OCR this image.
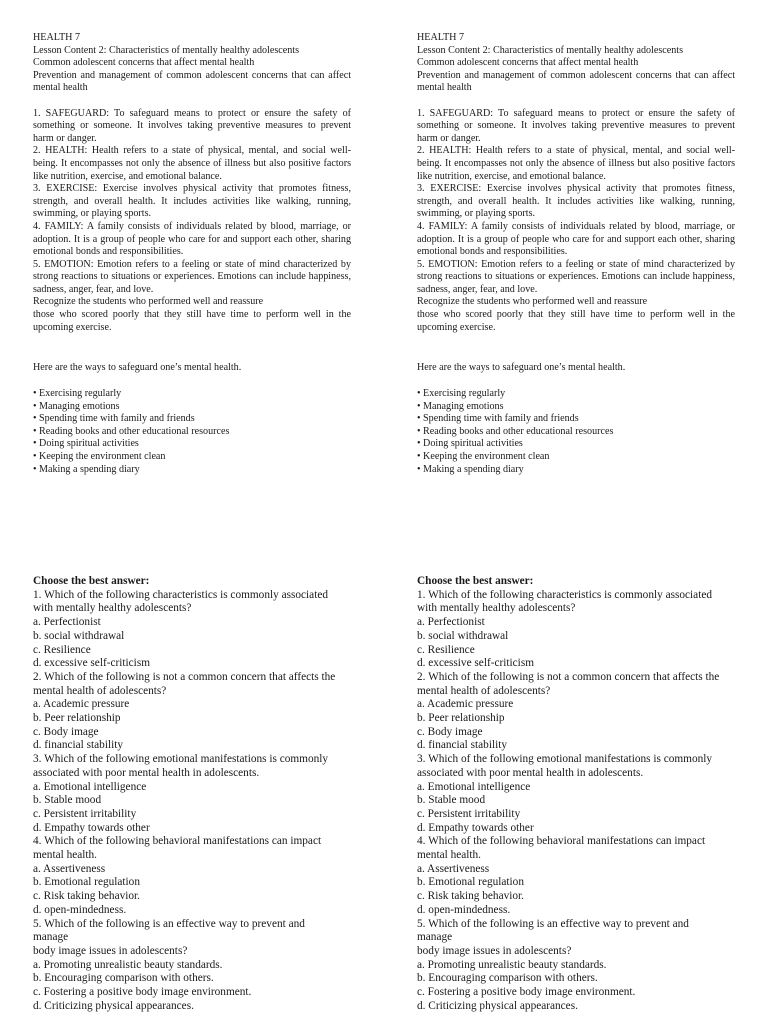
HEALTH 7
Lesson Content 2: Characteristics of mentally healthy adolescents
Common adolescent concerns that affect mental health
Prevention and management of common adolescent concerns that can affect mental health
1. SAFEGUARD: To safeguard means to protect or ensure the safety of something or someone. It involves taking preventive measures to prevent harm or danger.
2. HEALTH: Health refers to a state of physical, mental, and social well-being. It encompasses not only the absence of illness but also positive factors like nutrition, exercise, and emotional balance.
3. EXERCISE: Exercise involves physical activity that promotes fitness, strength, and overall health. It includes activities like walking, running, swimming, or playing sports.
4. FAMILY: A family consists of individuals related by blood, marriage, or adoption. It is a group of people who care for and support each other, sharing emotional bonds and responsibilities.
5. EMOTION: Emotion refers to a feeling or state of mind characterized by strong reactions to situations or experiences. Emotions can include happiness, sadness, anger, fear, and love.
Recognize the students who performed well and reassure
those who scored poorly that they still have time to perform well in the upcoming exercise.
Here are the ways to safeguard one’s mental health.
• Exercising regularly
• Managing emotions
• Spending time with family and friends
• Reading books and other educational resources
• Doing spiritual activities
• Keeping the environment clean
• Making a spending diary
Choose the best answer:
1. Which of the following characteristics is commonly associated
with mentally healthy adolescents?
a. Perfectionist
b. social withdrawal
c. Resilience
d. excessive self-criticism
2. Which of the following is not a common concern that affects the
mental health of adolescents?
a. Academic pressure
b. Peer relationship
c. Body image
d. financial stability
3. Which of the following emotional manifestations is commonly
associated with poor mental health in adolescents.
a. Emotional intelligence
b. Stable mood
c. Persistent irritability
d. Empathy towards other
4. Which of the following behavioral manifestations can impact
mental health.
a. Assertiveness
b. Emotional regulation
c. Risk taking behavior.
d. open-mindedness.
5. Which of the following is an effective way to prevent and
manage
body image issues in adolescents?
a. Promoting unrealistic beauty standards.
b. Encouraging comparison with others.
c. Fostering a positive body image environment.
d. Criticizing physical appearances.
HEALTH 7
Lesson Content 2: Characteristics of mentally healthy adolescents
Common adolescent concerns that affect mental health
Prevention and management of common adolescent concerns that can affect mental health
1. SAFEGUARD: To safeguard means to protect or ensure the safety of something or someone. It involves taking preventive measures to prevent harm or danger.
2. HEALTH: Health refers to a state of physical, mental, and social well-being. It encompasses not only the absence of illness but also positive factors like nutrition, exercise, and emotional balance.
3. EXERCISE: Exercise involves physical activity that promotes fitness, strength, and overall health. It includes activities like walking, running, swimming, or playing sports.
4. FAMILY: A family consists of individuals related by blood, marriage, or adoption. It is a group of people who care for and support each other, sharing emotional bonds and responsibilities.
5. EMOTION: Emotion refers to a feeling or state of mind characterized by strong reactions to situations or experiences. Emotions can include happiness, sadness, anger, fear, and love.
Recognize the students who performed well and reassure
those who scored poorly that they still have time to perform well in the upcoming exercise.
Here are the ways to safeguard one’s mental health.
• Exercising regularly
• Managing emotions
• Spending time with family and friends
• Reading books and other educational resources
• Doing spiritual activities
• Keeping the environment clean
• Making a spending diary
Choose the best answer:
1. Which of the following characteristics is commonly associated
with mentally healthy adolescents?
a. Perfectionist
b. social withdrawal
c. Resilience
d. excessive self-criticism
2. Which of the following is not a common concern that affects the
mental health of adolescents?
a. Academic pressure
b. Peer relationship
c. Body image
d. financial stability
3. Which of the following emotional manifestations is commonly
associated with poor mental health in adolescents.
a. Emotional intelligence
b. Stable mood
c. Persistent irritability
d. Empathy towards other
4. Which of the following behavioral manifestations can impact
mental health.
a. Assertiveness
b. Emotional regulation
c. Risk taking behavior.
d. open-mindedness.
5. Which of the following is an effective way to prevent and
manage
body image issues in adolescents?
a. Promoting unrealistic beauty standards.
b. Encouraging comparison with others.
c. Fostering a positive body image environment.
d. Criticizing physical appearances.
